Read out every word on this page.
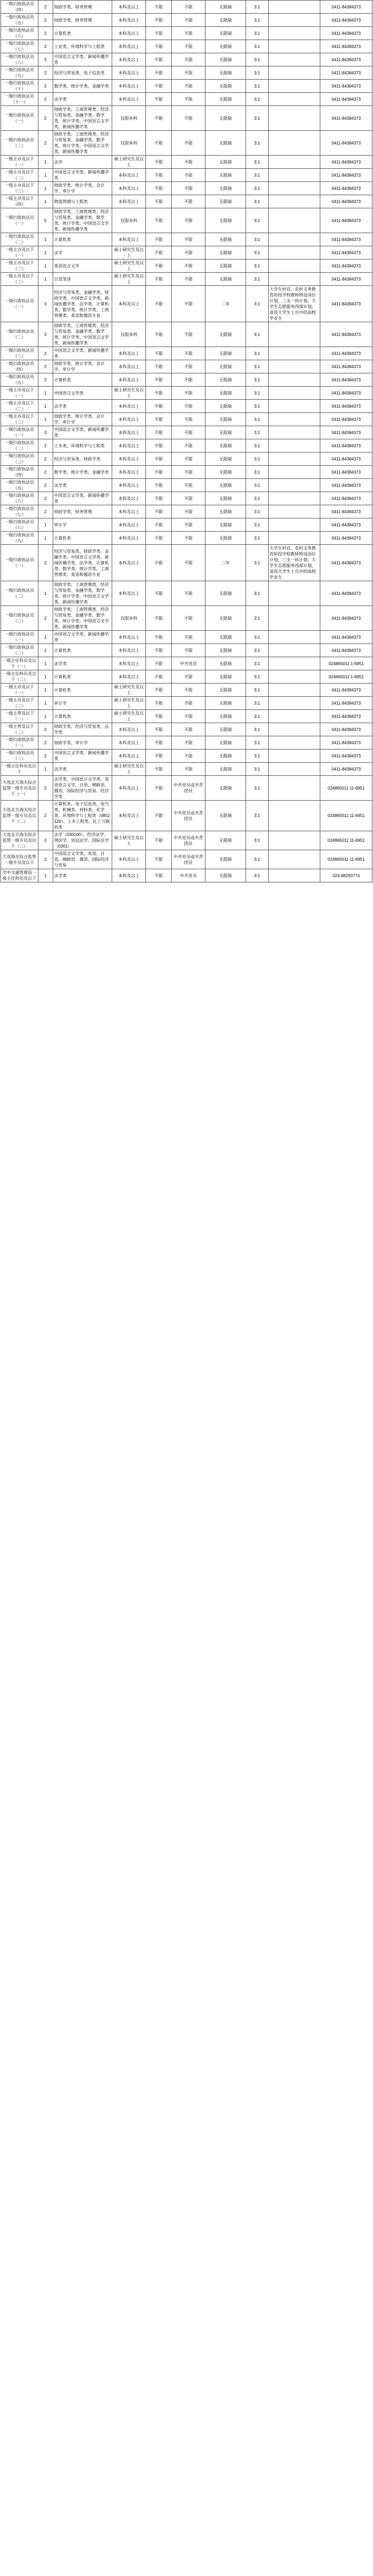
一级行政执法员（四）	2	财政学类、财务管理	本科及以上	不限	不限	无限制	3:1		0411-84384373
一级行政执法员（五）	2	财政学类、财务管理	本科及以上	不限	不限	无限制	3:1		0411-84384373
一级行政执法员（六）	2	计算机类	本科及以上	不限	不限	无限制	3:1		0411-84384373
一级行政执法员（七）	2	工业类、环境科学与工程类	本科及以上	不限	不限	无限制	3:1		0411-84384373
一级行政执法员（八）	2	中国语言文学类、新闻传播学类	本科及以上	不限	不限	无限制	3:1		0411-84384373
一级行政执法员（九）	2	经济与贸易类、电子信息类	本科及以上	不限	不限	无限制	3:1		0411-84384373
一级行政执法员（十）	2	数学类、统计学类、金融学类	本科及以上	不限	不限	无限制	3:1		0411-84384373
一级行政执法员（十一）	2	法学类	本科及以上	不限	不限	无限制	3:1		0411-84384373
一级行政执法员（一）	2	财政学类、工商管理类、经济与贸易类、金融学类、数学类、统计学类、中国语言文学类、新闻传播学类	仅限本科	不限	不限	无限制	3:1		0411-84384373
一级行政执法员（二）	2	财政学类、工商管理类、经济与贸易类、金融学类、数学类、统计学类、中国语言文学类、新闻传播学类	仅限本科	不限	不限	无限制	3:1		0411-84384373
一级主办及以下（一）	1	法学	硕士研究生及以上	不限	不限	无限制	3:1		0411-84384373
一级主办及以下（二）	1	中国语言文学类、新闻传播学类	本科及以上	不限	不限	无限制	3:1		0411-84384373
一级主办及以下（三）	1	财政学类、统计学类、会计学、审计学	本科及以上	不限	不限	无限制	3:1		0411-84384373
一级主办及以下（四）	1	物流管理与工程类	本科及以上	不限	不限	无限制	3:1		0411-84384373
一级行政执法员（一）	5	财政学类、工商管理类、经济与贸易类、金融学类、数学类、统计学类、中国语言文学类、新闻传播学类	仅限本科	不限	不限	无限制	3:1		0411-84384373
一级行政执法员（二）	1	计算机类	本科及以上	不限	不限	无限制	3:1		0411-84384373
一级主办及以下（一）	1	法学	硕士研究生及以上	不限	不限	无限制	3:1		0411-84384373
一级主办及以下（二）	1	英语语言文学	硕士研究生及以上	不限	不限	无限制	3:1		0411-84384373
一级主办及以下（三）	1	日语笔译	硕士研究生及以上	不限	不限	无限制	3:1		0411-84384373
一级行政执法员（一）	3	经济与贸易类、金融学类、财政学类、中国语言文学类、新闻传播学类、法学类、计算机类、数学类、统计学类、工商管理类、英语和俄语专业	本科及以上	不限	不限	二年	3:1	大学生村官、农村义务教育阶段学校教师特设岗位计划、三支一扶计划、大学生志愿服务西部计划、退役大学生士兵中的高校毕业生	0411-84384373
一级行政执法员（二）	2	财政学类、工商管理类、经济与贸易类、金融学类、数学类、统计学类、中国语言文学类、新闻传播学类	仅限本科	不限	不限	无限制	3:1		0411-84384373
一级行政执法员（三）	2	中国语言文学类、新闻传播学类	本科及以上	不限	不限	无限制	3:1		0411-84384373
一级行政执法员（四）	2	财政学类、统计学类、会计学、审计学	本科及以上	不限	不限	无限制	3:1		0411-84384373
一级行政执法员（五）	2	计算机类	本科及以上	不限	不限	无限制	3:1		0411-84384373
一级主办及以下（一）	1	中国语言文学类	硕士研究生及以上	不限	不限	无限制	3:1		0411-84384373
一级主办及以下（二）	1	法学类	本科及以上	不限	不限	无限制	3:1		0411-84384373
一级主办及以下（三）	1	财政学类、统计学类、会计学、审计学	本科及以上	不限	不限	无限制	3:1		0411-84384373
一级行政执法员（一）	3	中国语言文学类、新闻传播学类	本科及以上	不限	不限	无限制	3:1		0411-84384373
一级行政执法员（二）	2	土木类、环境科学与工程类	本科及以上	不限	不限	无限制	3:1		0411-84384373
一级行政执法员（三）	2	经济与贸易类、财政学类	本科及以上	不限	不限	无限制	3:1		0411-84384373
一级行政执法员（四）	2	数学类、统计学类、金融学类	本科及以上	不限	不限	无限制	3:1		0411-84384373
一级行政执法员（五）	2	法学类	本科及以上	不限	不限	无限制	3:1		0411-84384373
一级行政执法员（六）	2	中国语言文学类、新闻传播学类	本科及以上	不限	不限	无限制	3:1		0411-84384373
一级行政执法员（七）	2	财政学类、财务管理	本科及以上	不限	不限	无限制	3:1		0411-84384373
一级行政执法员（八）	1	审计学	本科及以上	不限	不限	无限制	3:1		0411-84384373
一级行政执法员（九）	1	计算机类	本科及以上	不限	不限	无限制	3:1		0411-84384373
一级行政执法员（一）	2	经济与贸易类、财政学类、金融学类、中国语言文学类、新闻传播学类、法学类、计算机类、数学类、统计学类、工商管理类、英语和俄语专业	本科及以上	不限	不限	二年	3:1	大学生村官、农村义务教育阶段学校教师特设岗位计划、三支一扶计划、大学生志愿服务西部计划、退役大学生士兵中的高校毕业生	0411-84384373
一级行政执法员（二）	1	财政学类、工商管理类、经济与贸易类、金融学类、数学类、统计学类、中国语言文学类、新闻传播学类	本科及以上	不限	不限	无限制	3:1		0411-84384373
一级行政执法员（三）	2	财政学类、工商管理类、经济与贸易类、金融学类、数学类、统计学类、中国语言文学类、新闻传播学类	仅限本科	不限	不限	无限制	3:1		0411-84384373
一级行政执法员（一）	1	中国语言文学类、新闻传播学类	本科及以上	不限	不限	无限制	3:1		0411-84384373
一级行政执法员（二）	1	计算机类	本科及以上	不限	不限	无限制	3:1		0411-84384373
一级主任科员及以下（一）	1	法学类	本科及以上	不限	中共党员	无限制	3:1		024865011 1-6951
一级主任科员及以下（二）	1	计算机类	本科及以上	不限	不限	无限制	3:1		024865011 1-6951
一级主办及以下（一）	1	计算机类	硕士研究生及以上	不限	不限	无限制	3:1		0411-84384373
一级主办及以下（二）	1	审计学	硕士研究生及以上	不限	不限	无限制	3:1		0411-84384373
一级主管及以下（一）	1	计算机类	硕士研究生及以上	不限	不限	无限制	3:1		0411-84384373
一级主管及以下（二）	3	财政学类、经济与贸易类、法学类	本科及以上	不限	不限	无限制	3:1		0411-84384373
一级行政执法员（一）	2	财政学类、审计学	本科及以上	不限	不限	无限制	3:1		0411-84384373
一级行政执法员（二）	2	中国语言文学类、新闻传播学类	本科及以上	不限	不限	无限制	3:1		0411-84384373
一级主任科员及以下	1	法学类	硕士研究生及以上	不限	不限	无限制	3:1		0411-84384373
大连北方海关综合监管一级专员及以下（一）	2	法学类、中国语言文学类、英语语言文学、日语、朝鲜语、俄语、国际经济与贸易、经济学类	本科及以上	不限	中共党员或共青团员	无限制	3:1		024865011 11-6951
大连北方海关综合监管一级专员及以下（二）	2	计算机类、电子信息类、电气类、机械类、材料类、化学类、环境科学与工程类（0852120）、土木工程类、化工与制药类	本科及以上	不限	中共党员或共青团员	无限制	3:1		024865011 11-6951
大连北方海关综合监管一级专员及以下（三）	2	法学（030100）、经济法学、刑法学、诉讼法学、国际法学（0301）	硕士研究生及以上	不限	中共党员或共青团员	无限制	3:1		024865011 11-6951
大连海关综合监管一级专员及以下	2	中国语言文学类、英语、日语、朝鲜语、俄语、国际经济与贸易	本科及以上	不限	中共党员或共青团员	无限制	3:1		024865011 11-6951
空中交通管理局一级主任科员及以下	1	法学类	本科及以上	不限	中共党员	无限制	3:1		024-88293774
